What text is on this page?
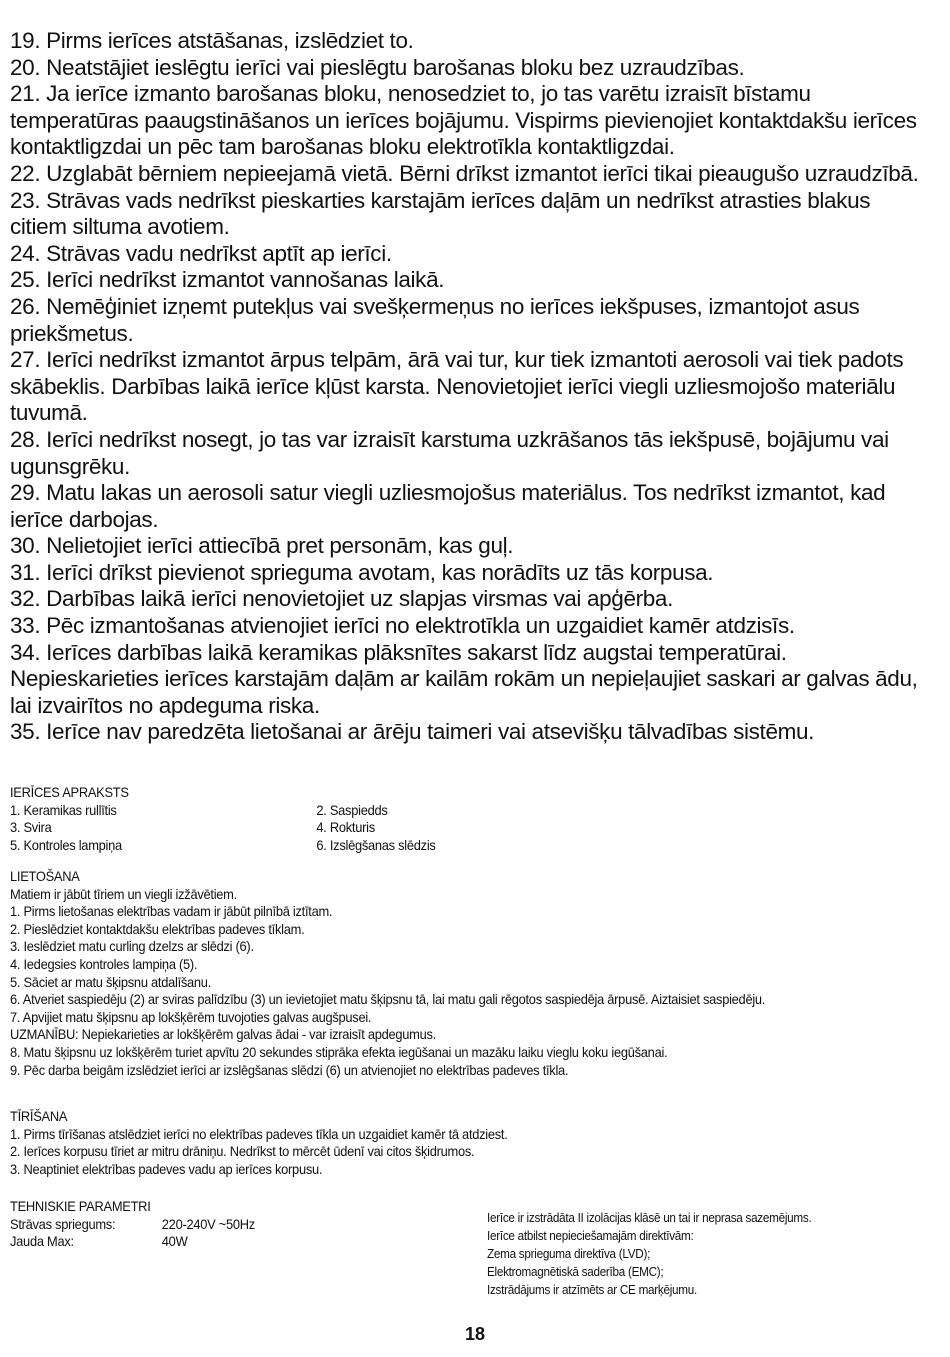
19. Pirms ierīces atstāšanas, izslēdziet to.

20. Neatstājiet ieslēgtu ierīci vai pieslēgtu barošanas bloku bez uzraudzības.

21. Ja ierīce izmanto barošanas bloku, nenosedziet to, jo tas varētu izraisīt bīstamu temperatūras paaugstināšanos un ierīces bojājumu. Vispirms pievienojiet kontaktdakšu ierīces kontaktligzdai un pēc tam barošanas bloku elektrotīkla kontaktligzdai.

22. Uzglabāt bērniem nepieejamā vietā. Bērni drīkst izmantot ierīci tikai pieaugušo uzraudzībā.

23. Strāvas vads nedrīkst pieskarties karstajām ierīces daļām un nedrīkst atrasties blakus citiem siltuma avotiem.

24. Strāvas vadu nedrīkst aptīt ap ierīci.

25. Ierīci nedrīkst izmantot vannošanas laikā.

26. Nemēģiniet izņemt putekļus vai svešķermeņus no ierīces iekšpuses, izmantojot asus priekšmetus.

27. Ierīci nedrīkst izmantot ārpus telpām, ārā vai tur, kur tiek izmantoti aerosoli vai tiek padots skābeklis. Darbības laikā ierīce kļūst karsta. Nenovietojiet ierīci viegli uzliesmojošo materiālu tuvumā.

28. Ierīci nedrīkst nosegt, jo tas var izraisīt karstuma uzkrāšanos tās iekšpusē, bojājumu vai ugunsgrēku.

29. Matu lakas un aerosoli satur viegli uzliesmojošus materiālus. Tos nedrīkst izmantot, kad ierīce darbojas.

30. Nelietojiet ierīci attiecībā pret personām, kas guļ.

31. Ierīci drīkst pievienot sprieguma avotam, kas norādīts uz tās korpusa.

32. Darbības laikā ierīci nenovietojiet uz slapjas virsmas vai apģērba.

33. Pēc izmantošanas atvienojiet ierīci no elektrotīkla un uzgaidiet kamēr atdzisīs.

34. Ierīces darbības laikā keramikas plāksnītes sakarst līdz augstai temperatūrai. Nepieskarieties ierīces karstajām daļām ar kailām rokām un nepieļaujiet saskari ar galvas ādu, lai izvairītos no apdeguma riska.

35. Ierīce nav paredzēta lietošanai ar ārēju taimeri vai atsevišķu tālvadības sistēmu.

IERĪCES APRAKSTS

1. Keramikas rullītis	2. Saspiedds
3. Svira	4. Rokturis
5. Kontroles lampiņa	6. Izslēgšanas slēdzis

LIETOŠANA

Matiem ir jābūt tīriem un viegli izžāvētiem.

1. Pirms lietošanas elektrības vadam ir jābūt pilnībā iztītam.

2. Pieslēdziet kontaktdakšu elektrības padeves tīklam.

3. Ieslēdziet matu curling dzelzs ar slēdzi (6).

4. Iedegsies kontroles lampiņa (5).

5. Sāciet ar matu šķipsnu atdalīšanu.

6. Atveriet saspiedēju (2) ar sviras palīdzību (3) un ievietojiet matu šķipsnu tā, lai matu gali rēgotos saspiedēja ārpusē. Aiztaisiet saspiedēju.

7. Apvijiet matu šķipsnu ap lokšķērēm tuvojoties galvas augšpusei.

UZMANĪBU: Nepiekarieties ar lokšķērēm galvas ādai - var izraisīt apdegumus.

8. Matu šķipsnu uz lokšķērēm turiet apvītu 20 sekundes stiprāka efekta iegūšanai un mazāku laiku vieglu koku iegūšanai.

9. Pēc darba beigām izslēdziet ierīci ar izslēgšanas slēdzi (6) un atvienojiet no elektrības padeves tīkla.

TĪRĪŠANA

1. Pirms tīrīšanas atslēdziet ierīci no elektrības padeves tīkla un uzgaidiet kamēr tā atdziest.

2. Ierīces korpusu tīriet ar mitru drāniņu. Nedrīkst to mērcēt ūdenī vai citos šķidrumos.

3. Neaptiniet elektrības padeves vadu ap ierīces korpusu.

TEHNISKIE PARAMETRI

Strāvas spriegums:	220-240V ~50Hz
Jauda Max:	40W

Ierīce ir izstrādāta II izolācijas klāsē un tai ir neprasa sazemējums.

Ierīce atbilst nepieciešamajām direktīvām:

Zema sprieguma direktīva (LVD);

Elektromagnētiskā saderība (EMC);

Izstrādājums ir atzīmēts ar CE marķējumu.

18
